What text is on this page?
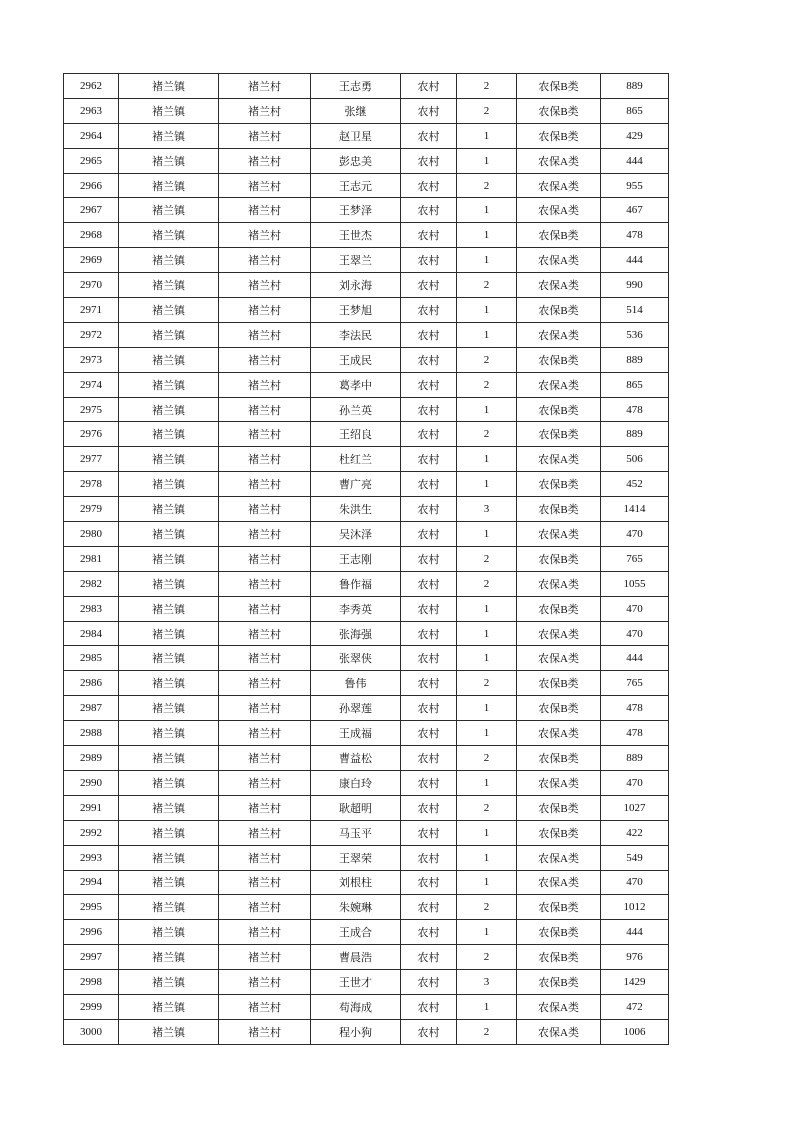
2962	褚兰镇	褚兰村	王志勇	农村	2	农保B类	889
2963	褚兰镇	褚兰村	张继	农村	2	农保B类	865
2964	褚兰镇	褚兰村	赵卫星	农村	1	农保B类	429
2965	褚兰镇	褚兰村	彭忠美	农村	1	农保A类	444
2966	褚兰镇	褚兰村	王志元	农村	2	农保A类	955
2967	褚兰镇	褚兰村	王梦泽	农村	1	农保A类	467
2968	褚兰镇	褚兰村	王世杰	农村	1	农保B类	478
2969	褚兰镇	褚兰村	王翠兰	农村	1	农保A类	444
2970	褚兰镇	褚兰村	刘永海	农村	2	农保A类	990
2971	褚兰镇	褚兰村	王梦旭	农村	1	农保B类	514
2972	褚兰镇	褚兰村	李法民	农村	1	农保A类	536
2973	褚兰镇	褚兰村	王成民	农村	2	农保B类	889
2974	褚兰镇	褚兰村	葛孝中	农村	2	农保A类	865
2975	褚兰镇	褚兰村	孙兰英	农村	1	农保B类	478
2976	褚兰镇	褚兰村	王绍良	农村	2	农保B类	889
2977	褚兰镇	褚兰村	杜红兰	农村	1	农保A类	506
2978	褚兰镇	褚兰村	曹广亮	农村	1	农保B类	452
2979	褚兰镇	褚兰村	朱洪生	农村	3	农保B类	1414
2980	褚兰镇	褚兰村	吴沐泽	农村	1	农保A类	470
2981	褚兰镇	褚兰村	王志刚	农村	2	农保B类	765
2982	褚兰镇	褚兰村	鲁作福	农村	2	农保A类	1055
2983	褚兰镇	褚兰村	李秀英	农村	1	农保B类	470
2984	褚兰镇	褚兰村	张海强	农村	1	农保A类	470
2985	褚兰镇	褚兰村	张翠侠	农村	1	农保A类	444
2986	褚兰镇	褚兰村	鲁伟	农村	2	农保B类	765
2987	褚兰镇	褚兰村	孙翠莲	农村	1	农保B类	478
2988	褚兰镇	褚兰村	王成福	农村	1	农保A类	478
2989	褚兰镇	褚兰村	曹益松	农村	2	农保B类	889
2990	褚兰镇	褚兰村	康白玲	农村	1	农保A类	470
2991	褚兰镇	褚兰村	耿超明	农村	2	农保B类	1027
2992	褚兰镇	褚兰村	马玉平	农村	1	农保B类	422
2993	褚兰镇	褚兰村	王翠荣	农村	1	农保A类	549
2994	褚兰镇	褚兰村	刘根柱	农村	1	农保A类	470
2995	褚兰镇	褚兰村	朱婉琳	农村	2	农保B类	1012
2996	褚兰镇	褚兰村	王成合	农村	1	农保B类	444
2997	褚兰镇	褚兰村	曹晨浩	农村	2	农保B类	976
2998	褚兰镇	褚兰村	王世才	农村	3	农保B类	1429
2999	褚兰镇	褚兰村	苟海成	农村	1	农保A类	472
3000	褚兰镇	褚兰村	程小狗	农村	2	农保A类	1006
